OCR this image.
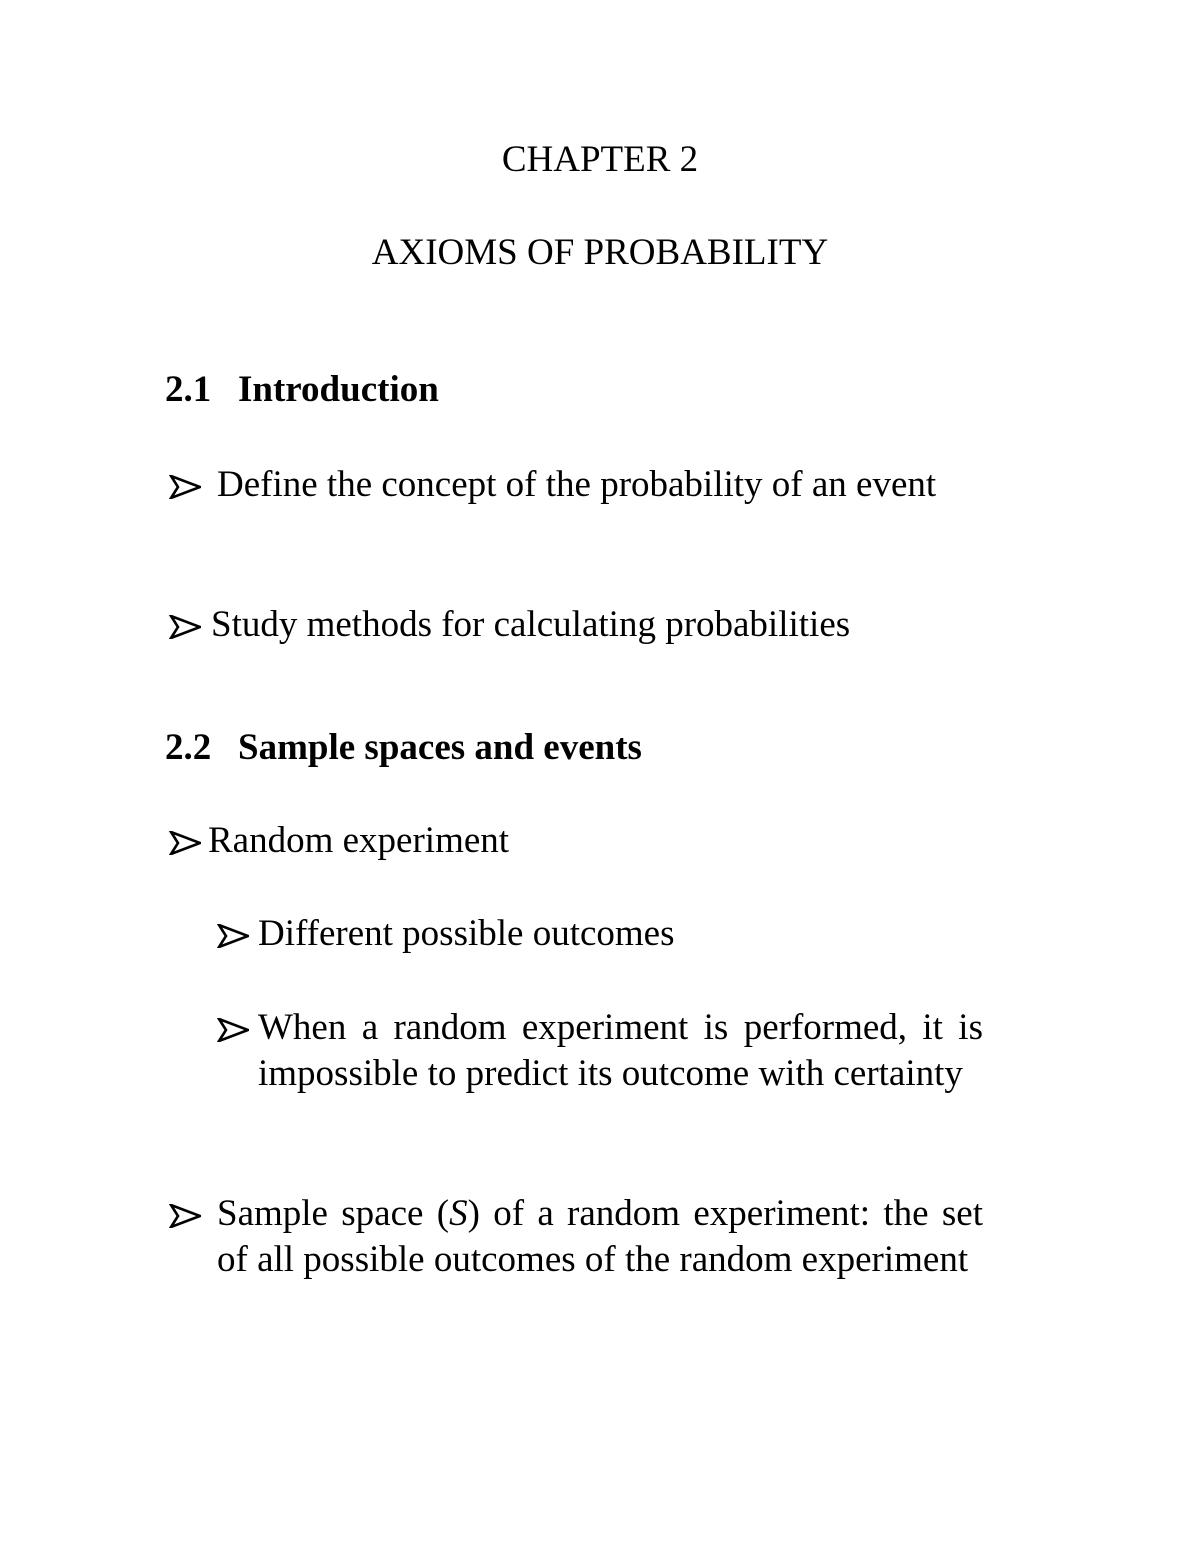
CHAPTER 2
AXIOMS OF PROBABILITY
2.1 Introduction
Define the concept of the probability of an event
Study methods for calculating probabilities
2.2 Sample spaces and events
Random experiment
Different possible outcomes
When a random experiment is performed, it is impossible to predict its outcome with certainty
Sample space (S) of a random experiment: the set of all possible outcomes of the random experiment
